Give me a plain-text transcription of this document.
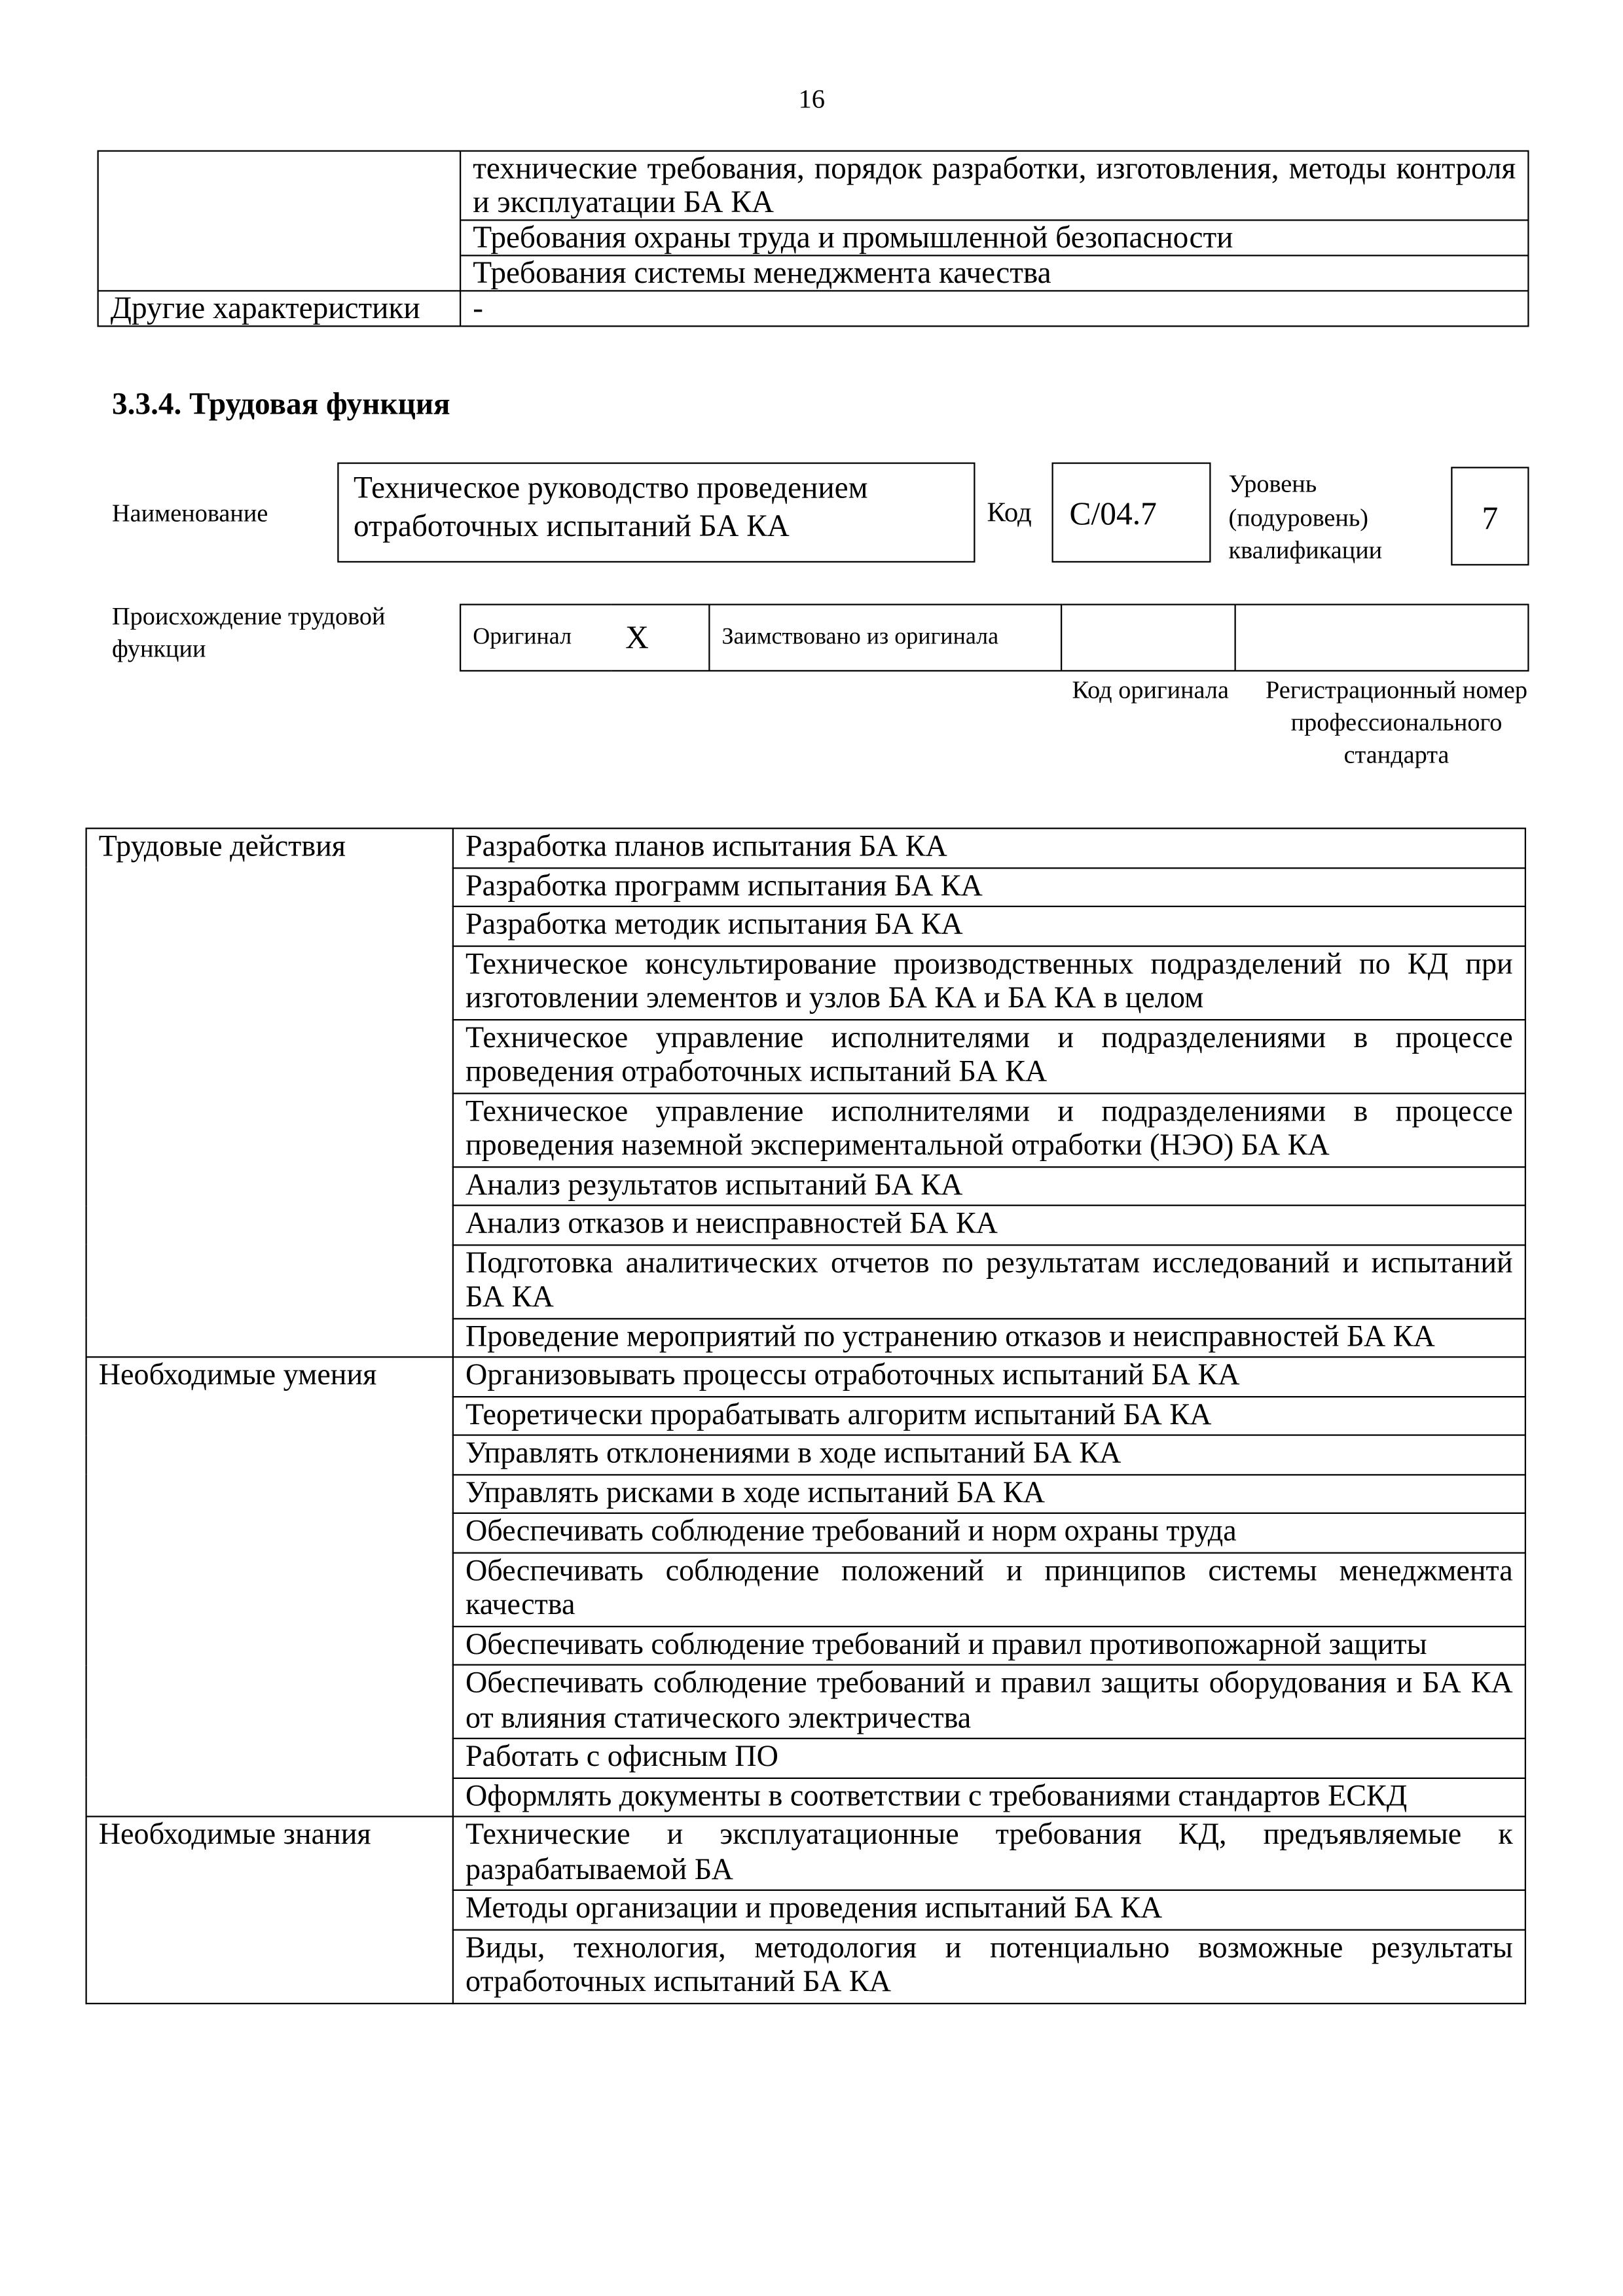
16
	технические требования, порядок разработки, изготовления, методы контроля и эксплуатации БА КА
	Требования охраны труда и промышленной безопасности
	Требования системы менеджмента качества
Другие характеристики	-
3.3.4. Трудовая функция
Наименование
Техническое руководство проведением отработочных испытаний БА КА	Код	C/04.7
Уровень (подуровень) квалификации
7
Происхождение трудовой функции	Оригинал	X	Заимствовано из оригинала		
Код оригинала	Регистрационный номер профессионального стандарта
Трудовые действия	Разработка планов испытания БА КА
	Разработка программ испытания БА КА
	Разработка методик испытания БА КА
	Техническое консультирование производственных подразделений по КД при изготовлении элементов и узлов БА КА и БА КА в целом
	Техническое управление исполнителями и подразделениями в процессе проведения отработочных испытаний БА КА
	Техническое управление исполнителями и подразделениями в процессе проведения наземной экспериментальной отработки (НЭО) БА КА
	Анализ результатов испытаний БА КА
	Анализ отказов и неисправностей БА КА
	Подготовка аналитических отчетов по результатам исследований и испытаний БА КА
	Проведение мероприятий по устранению отказов и неисправностей БА КА
Необходимые умения	Организовывать процессы отработочных испытаний БА КА
	Теоретически прорабатывать алгоритм испытаний БА КА
	Управлять отклонениями в ходе испытаний БА КА
	Управлять рисками в ходе испытаний БА КА
	Обеспечивать соблюдение требований и норм охраны труда
	Обеспечивать соблюдение положений и принципов системы менеджмента качества
	Обеспечивать соблюдение требований и правил противопожарной защиты
	Обеспечивать соблюдение требований и правил защиты оборудования и БА КА от влияния статического электричества
	Работать с офисным ПО
	Оформлять документы в соответствии с требованиями стандартов ЕСКД
Необходимые знания	Технические и эксплуатационные требования КД, предъявляемые к разрабатываемой БА
	Методы организации и проведения испытаний БА КА
	Виды, технология, методология и потенциально возможные результаты отработочных испытаний БА КА
